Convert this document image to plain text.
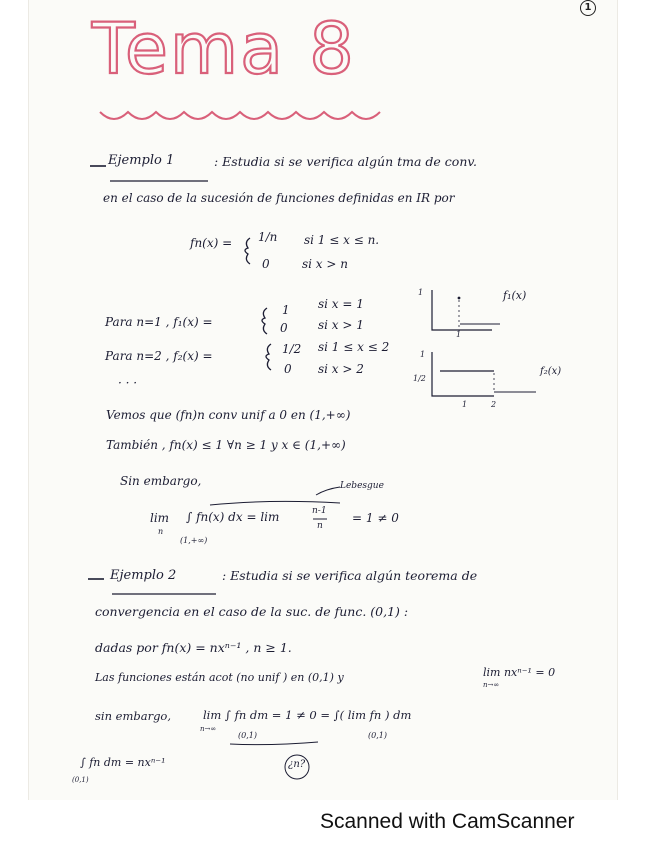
1
Tema 8
Ejemplo 1	: Estudia si se verifica algún tma de conv.
en el caso de la sucesión de funciones definidas en IR por
fn(x) = 1/n si 1 ≤ x ≤ n.
0	si x > n
Para n=1 , f₁(x) =
1 si x = 1
0	si x > 1
Para n=2 , f₂(x) =	1/2 si 1 ≤ x ≤ 2
0 si x > 2
· · ·
f₁(x)
1
1
f₂(x)
1
1/2
1	2
Vemos que (fn)n conv unif a 0 en (1,+∞)
También , fn(x) ≤ 1 ∀n ≥ 1 y x ∈ (1,+∞)
Sin embargo,	Lebesgue
lim
n
∫ fn(x) dx = lim
(1,+∞)
n-1
n
= 1 ≠ 0
Ejemplo 2	: Estudia si se verifica algún teorema de
convergencia en el caso de la suc. de func. (0,1) :
dadas por fn(x) = nxⁿ⁻¹ , n ≥ 1.
Las funciones están acot (no unif ) en (0,1) y	lim nxⁿ⁻¹ = 0
n→∞
sin embargo,	lim ∫ fn dm = 1 ≠ 0 = ∫( lim fn ) dm
n→∞
(0,1)	(0,1)
∫ fn dm = nxⁿ⁻¹
(0,1)
¿n?
Scanned with CamScanner
